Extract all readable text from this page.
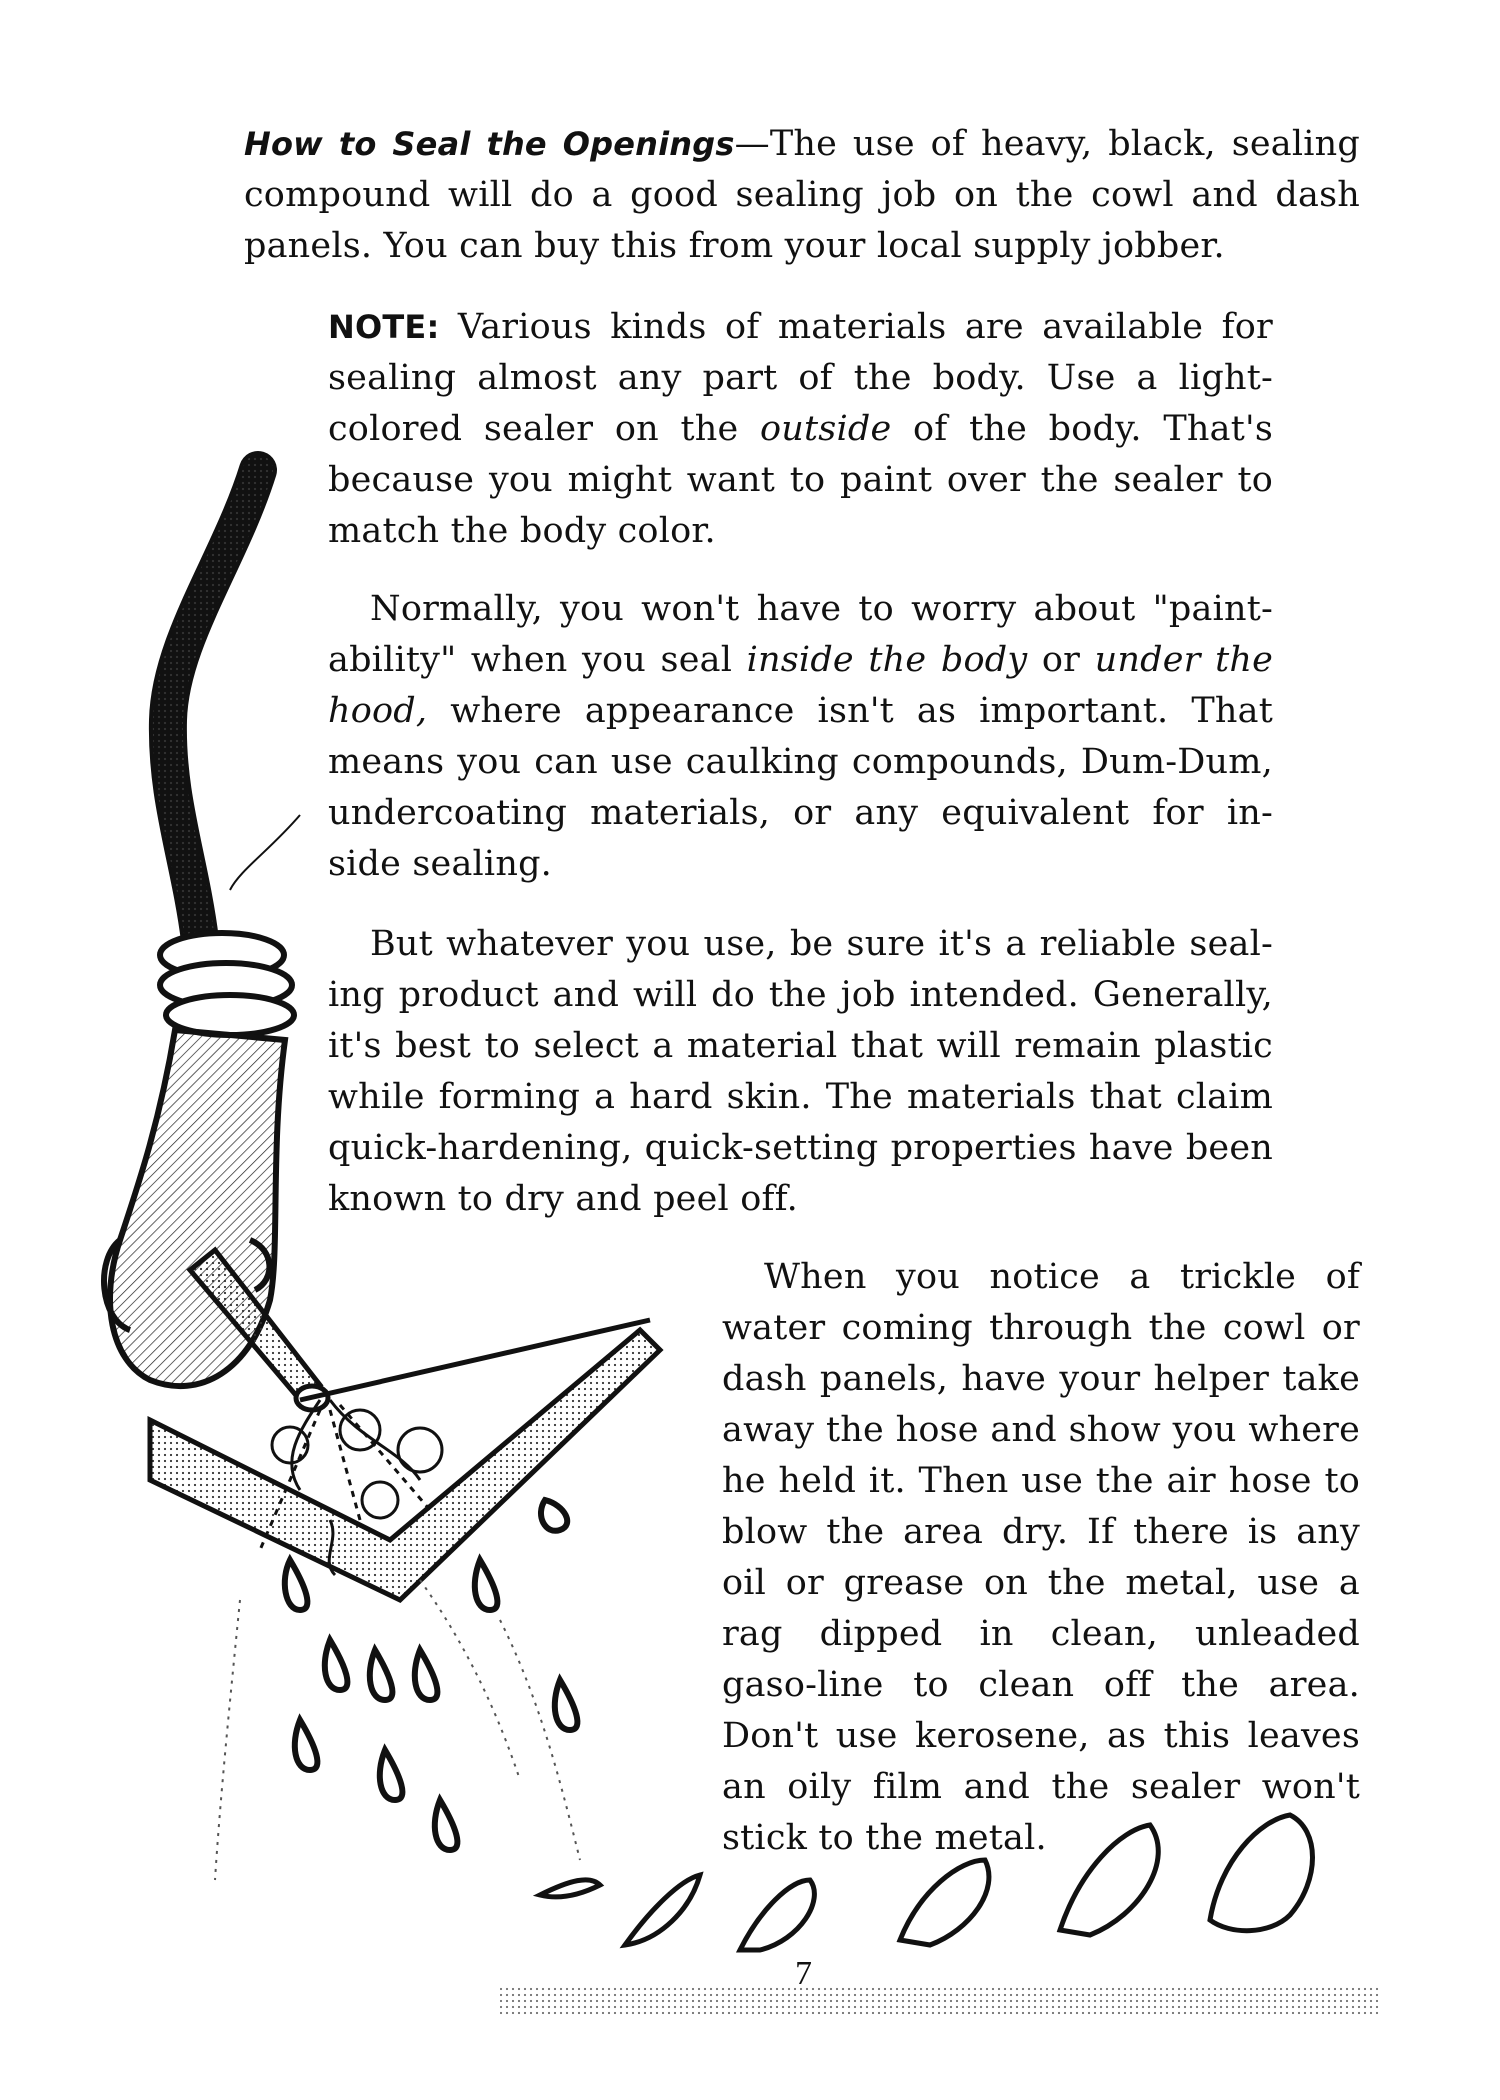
How to Seal the Openings—The use of heavy, black, sealing compound will do a good sealing job on the cowl and dash panels. You can buy this from your local supply jobber.

NOTE: Various kinds of materials are available for sealing almost any part of the body. Use a light-colored sealer on the outside of the body. That's because you might want to paint over the sealer to match the body color.

Normally, you won't have to worry about "paint-ability" when you seal inside the body or under the hood, where appearance isn't as important. That means you can use caulking compounds, Dum-Dum, undercoating materials, or any equivalent for in-side sealing.

But whatever you use, be sure it's a reliable seal-ing product and will do the job intended. Generally, it's best to select a material that will remain plastic while forming a hard skin. The materials that claim quick-hardening, quick-setting properties have been known to dry and peel off.

When you notice a trickle of water coming through the cowl or dash panels, have your helper take away the hose and show you where he held it. Then use the air hose to blow the area dry. If there is any oil or grease on the metal, use a rag dipped in clean, unleaded gaso-line to clean off the area. Don't use kerosene, as this leaves an oily film and the sealer won't stick to the metal.

7
